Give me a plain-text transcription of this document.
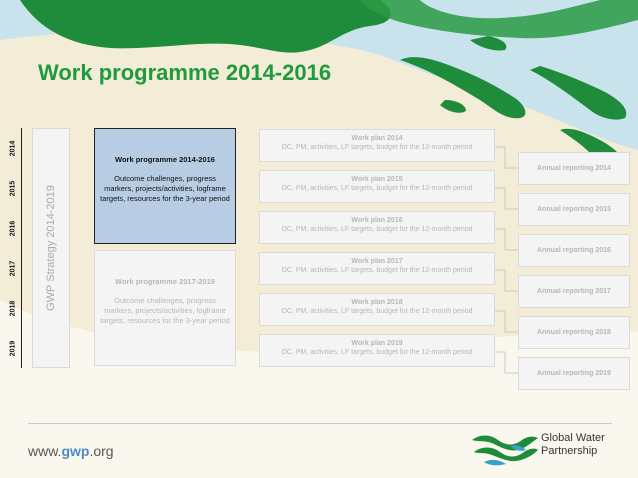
Work programme 2014-2016
2014
2015
2016
2017
2018
2019
GWP Strategy 2014-2019
Work programme 2014-2016
Outcome challenges, progress markers, projects/activities, logframe targets, resources for the 3-year period
Work programme 2017-2019
Outcome challenges, progress markers, projects/activities, logframe targets, resources for the 3-year period
Work plan 2014
OC, PM, activities, LF targets, budget for the 12-month period
Work plan 2015
OC, PM, activities, LF targets, budget for the 12-month period
Work plan 2016
OC, PM, activities, LF targets, budget for the 12-month period
Work plan 2017
OC, PM, activities, LF targets, budget for the 12-month period
Work plan 2018
OC, PM, activities, LF targets, budget for the 12-month period
Work plan 2019
OC, PM, activities, LF targets, budget for the 12-month period
Annual reporting 2014
Annual reporting 2015
Annual reporting 2016
Annual reporting 2017
Annual reporting 2018
Annual reporting 2019
www.gwp.org
Global Water
Partnership
